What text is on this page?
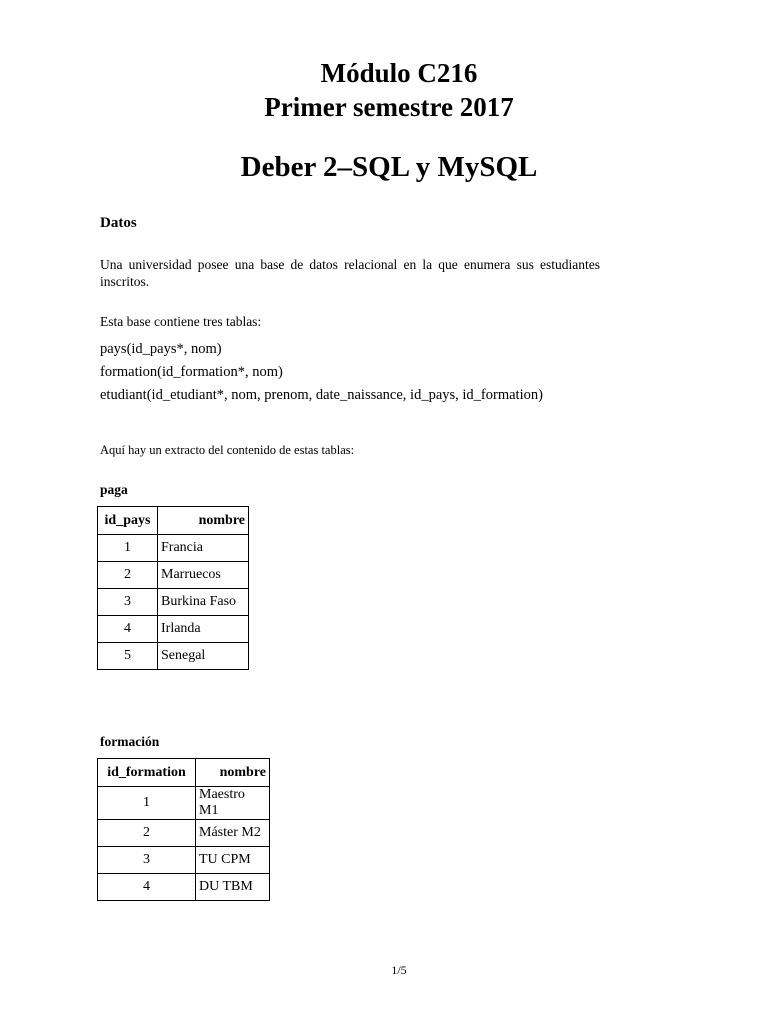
Módulo C216
Primer semestre 2017
Deber 2–SQL y MySQL
Datos
Una universidad posee una base de datos relacional en la que enumera sus estudiantes inscritos.
Esta base contiene tres tablas:
pays(id_pays*, nom)
formation(id_formation*, nom)
etudiant(id_etudiant*, nom, prenom, date_naissance, id_pays, id_formation)
Aquí hay un extracto del contenido de estas tablas:
paga
id_pays	nombre
1	Francia
2	Marruecos
3	Burkina Faso
4	Irlanda
5	Senegal
formación
id_formation	nombre
1	Maestro M1
2	Máster M2
3	TU CPM
4	DU TBM
1/5
